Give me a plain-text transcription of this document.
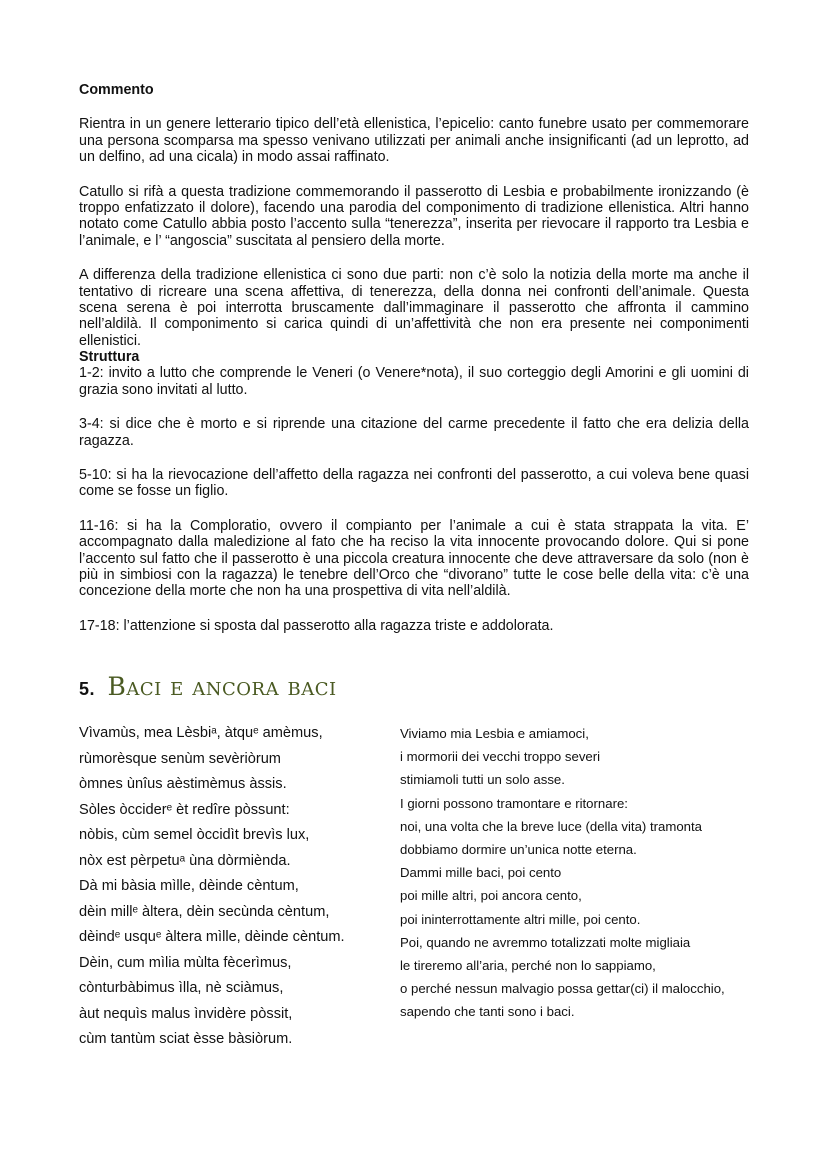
Commento

Rientra in un genere letterario tipico dell’età ellenistica, l’epicelio: canto funebre usato per commemorare una persona scomparsa ma spesso venivano utilizzati per animali anche insignificanti (ad un leprotto, ad un delfino, ad una cicala) in modo assai raffinato.

Catullo si rifà a questa tradizione commemorando il passerotto di Lesbia e probabilmente ironizzando (è troppo enfatizzato il dolore), facendo una parodia del componimento di tradizione ellenistica. Altri hanno notato come Catullo abbia posto l’accento sulla “tenerezza”, inserita per rievocare il rapporto tra Lesbia e l’animale, e l’ “angoscia” suscitata al pensiero della morte.

A differenza della tradizione ellenistica ci sono due parti: non c’è solo la notizia della morte ma anche il tentativo di ricreare una scena affettiva, di tenerezza, della donna nei confronti dell’animale. Questa scena serena è poi interrotta bruscamente dall’immaginare il passerotto che affronta il cammino nell’aldilà. Il componimento si carica quindi di un’affettività che non era presente nei componimenti ellenistici.

Struttura

1-2: invito a lutto che comprende le Veneri (o Venere*nota), il suo corteggio degli Amorini e gli uomini di grazia sono invitati al lutto.

3-4: si dice che è morto e si riprende una citazione del carme precedente il fatto che era delizia della ragazza.

5-10: si ha la rievocazione dell’affetto della ragazza nei confronti del passerotto, a cui voleva bene quasi come se fosse un figlio.

11-16: si ha la Comploratio, ovvero il compianto per l’animale a cui è stata strappata la vita. E’ accompagnato dalla maledizione al fato che ha reciso la vita innocente provocando dolore. Qui si pone l’accento sul fatto che il passerotto è una piccola creatura innocente che deve attraversare da solo (non è più in simbiosi con la ragazza) le tenebre dell’Orco che “divorano” tutte le cose belle della vita: c’è una concezione della morte che non ha una prospettiva di vita nell’aldilà.

17-18: l’attenzione si sposta dal passerotto alla ragazza triste e addolorata.

5. Baci e ancora baci
Vìvamùs, mea Lèsbiᵃ, àtquᵉ amèmus,
rùmorèsque senùm sevèriòrum
òmnes ùnîus aèstimèmus àssis.
Sòles òcciderᵉ èt redîre pòssunt:
nòbis, cùm semel òccidìt brevìs lux,
nòx est pèrpetuᵃ ùna dòrmiènda.
Dà mi bàsia mìlle, dèinde cèntum,
dèin millᵉ àltera, dèin secùnda cèntum,
dèindᵉ usquᵉ àltera mìlle, dèinde cèntum.
Dèin, cum mìlia mùlta fècerìmus,
cònturbàbimus ìlla, nè sciàmus,
àut nequìs malus ìnvidère pòssit,
cùm tantùm sciat èsse bàsiòrum.
Viviamo mia Lesbia e amiamoci,
i mormorii dei vecchi troppo severi
stimiamoli tutti un solo asse.
I giorni possono tramontare e ritornare:
noi, una volta che la breve luce (della vita) tramonta
dobbiamo dormire un’unica notte eterna.
Dammi mille baci, poi cento
poi mille altri, poi ancora cento,
poi ininterrottamente altri mille, poi cento.
Poi, quando ne avremmo totalizzati molte migliaia
le tireremo all’aria, perché non lo sappiamo,
o perché nessun malvagio possa gettar(ci) il malocchio,
sapendo che tanti sono i baci.
